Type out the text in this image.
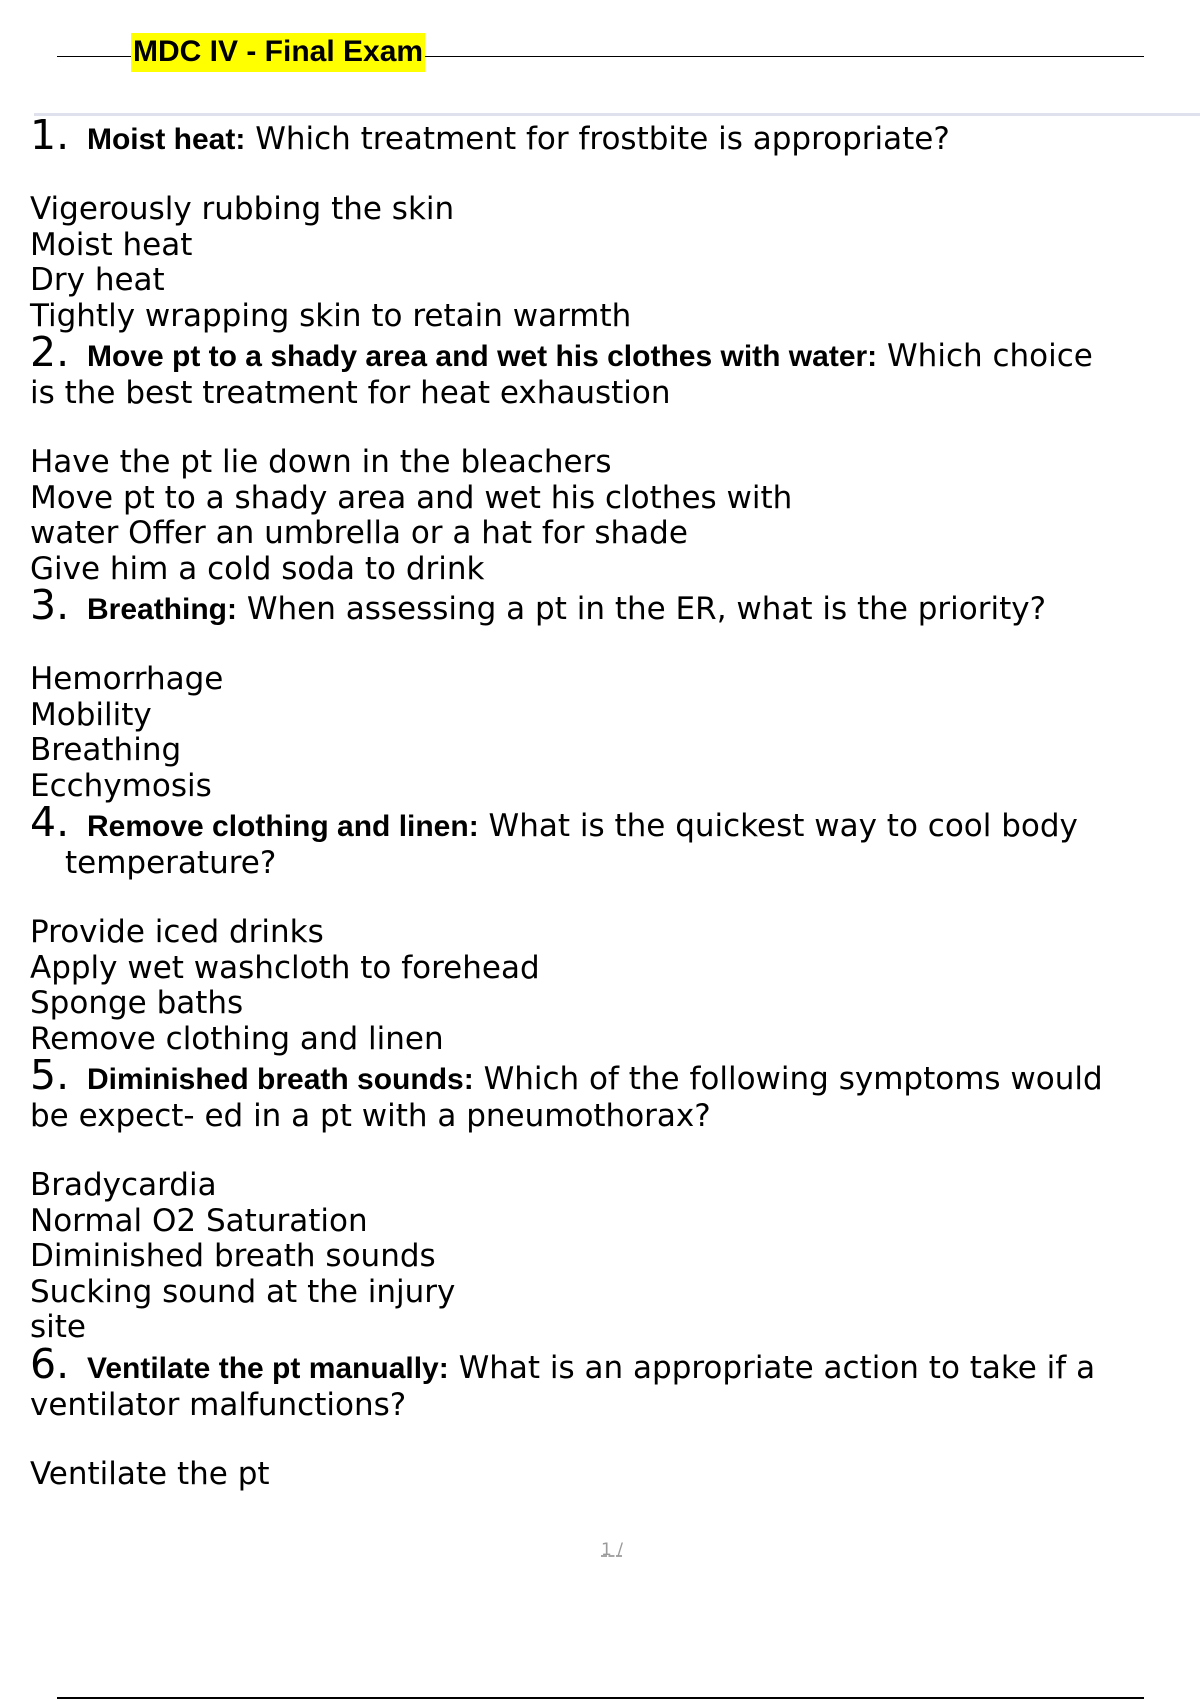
MDC IV - Final Exam

1. Moist heat: Which treatment for frostbite is appropriate?

Vigerously rubbing the skin

Moist heat

Dry heat

Tightly wrapping skin to retain warmth

2. Move pt to a shady area and wet his clothes with water: Which choice

is the best treatment for heat exhaustion

Have the pt lie down in the bleachers

Move pt to a shady area and wet his clothes with

water Offer an umbrella or a hat for shade

Give him a cold soda to drink

3. Breathing: When assessing a pt in the ER, what is the priority?

Hemorrhage

Mobility

Breathing

Ecchymosis

4. Remove clothing and linen: What is the quickest way to cool body

temperature?

Provide iced drinks

Apply wet washcloth to forehead

Sponge baths

Remove clothing and linen

5. Diminished breath sounds: Which of the following symptoms would

be expect- ed in a pt with a pneumothorax?

Bradycardia

Normal O2 Saturation

Diminished breath sounds

Sucking sound at the injury

site

6. Ventilate the pt manually: What is an appropriate action to take if a

ventilator malfunctions?

Ventilate the pt

1 /
